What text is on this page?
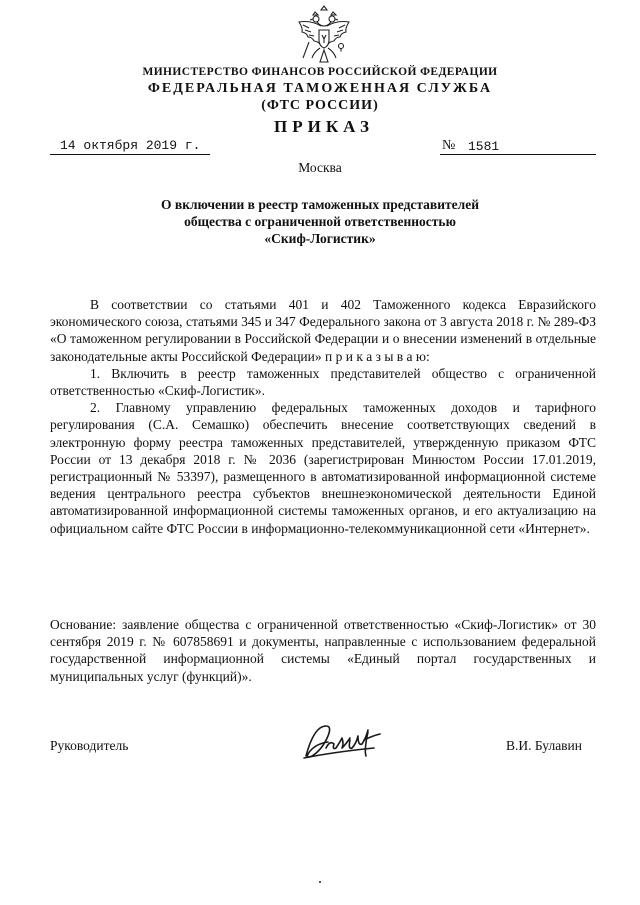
МИНИСТЕРСТВО ФИНАНСОВ РОССИЙСКОЙ ФЕДЕРАЦИИ
ФЕДЕРАЛЬНАЯ ТАМОЖЕННАЯ СЛУЖБА
(ФТС РОССИИ)
ПРИКАЗ
14 октября 2019 г.	№ 1581
Москва
О включении в реестр таможенных представителей
общества с ограниченной ответственностью
«Скиф-Логистик»

В соответствии со статьями 401 и 402 Таможенного кодекса Евразийского экономического союза, статьями 345 и 347 Федерального закона от 3 августа 2018 г. № 289-ФЗ «О таможенном регулировании в Российской Федерации и о внесении изменений в отдельные законодательные акты Российской Федерации» п р и к а з ы в а ю:

1. Включить в реестр таможенных представителей общество с ограниченной ответственностью «Скиф-Логистик».

2. Главному управлению федеральных таможенных доходов и тарифного регулирования (С.А. Семашко) обеспечить внесение соответствующих сведений в электронную форму реестра таможенных представителей, утвержденную приказом ФТС России от 13 декабря 2018 г. № 2036 (зарегистрирован Минюстом России 17.01.2019, регистрационный № 53397), размещенного в автоматизированной информационной системе ведения центрального реестра субъектов внешнеэкономической деятельности Единой автоматизированной информационной системы таможенных органов, и его актуализацию на официальном сайте ФТС России в информационно-телекоммуникационной сети «Интернет».

Основание: заявление общества с ограниченной ответственностью «Скиф-Логистик» от 30 сентября 2019 г. № 607858691 и документы, направленные с использованием федеральной государственной информационной системы «Единый портал государственных и муниципальных услуг (функций)».

Руководитель	В.И. Булавин
